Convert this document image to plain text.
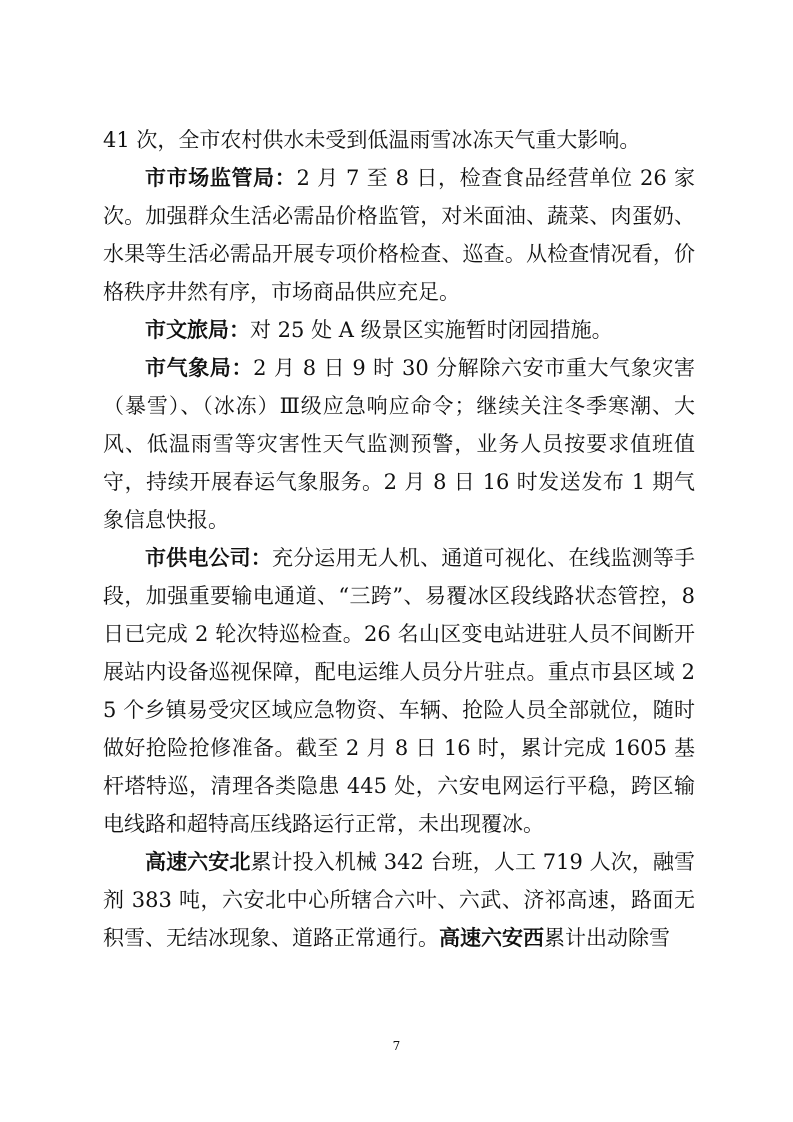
41 次，全市农村供水未受到低温雨雪冰冻天气重大影响。

市市场监管局：2 月 7 至 8 日，检查食品经营单位 26 家次。加强群众生活必需品价格监管，对米面油、蔬菜、肉蛋奶、水果等生活必需品开展专项价格检查、巡查。从检查情况看，价格秩序井然有序，市场商品供应充足。

市文旅局：对 25 处 A 级景区实施暂时闭园措施。

市气象局：2 月 8 日 9 时 30 分解除六安市重大气象灾害（暴雪）、（冰冻）Ⅲ级应急响应命令；继续关注冬季寒潮、大风、低温雨雪等灾害性天气监测预警，业务人员按要求值班值守，持续开展春运气象服务。2 月 8 日 16 时发送发布 1 期气象信息快报。

市供电公司：充分运用无人机、通道可视化、在线监测等手段，加强重要输电通道、“三跨”、易覆冰区段线路状态管控，8 日已完成 2 轮次特巡检查。26 名山区变电站进驻人员不间断开展站内设备巡视保障，配电运维人员分片驻点。重点市县区域 25 个乡镇易受灾区域应急物资、车辆、抢险人员全部就位，随时做好抢险抢修准备。截至 2 月 8 日 16 时，累计完成 1605 基杆塔特巡，清理各类隐患 445 处，六安电网运行平稳，跨区输电线路和超特高压线路运行正常，未出现覆冰。

高速六安北累计投入机械 342 台班，人工 719 人次，融雪剂 383 吨，六安北中心所辖合六叶、六武、济祁高速，路面无积雪、无结冰现象、道路正常通行。高速六安西累计出动除雪

7
